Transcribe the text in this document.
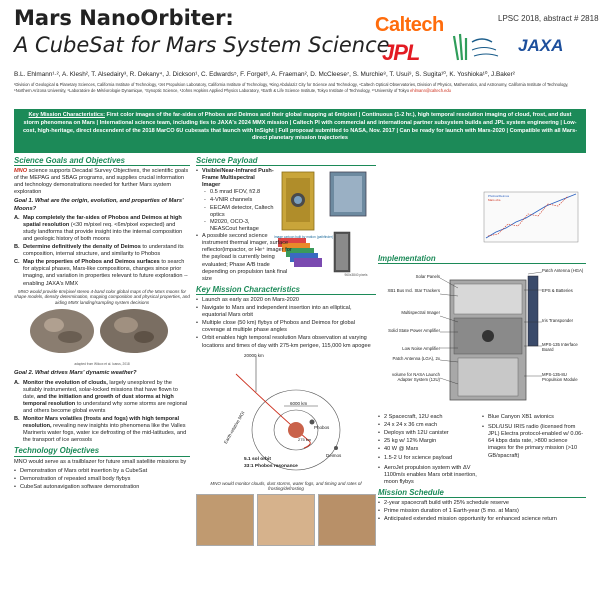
Mars NanoOrbiter:
A CubeSat for Mars System Science
LPSC 2018, abstract # 2818
Caltech
JPL	JAXA
B.L. Ehlmann¹·², A. Klesh², T. Alsedairy³, R. Dekany⁴, J. Dickson¹, C. Edwards⁵, F. Forget⁶, A. Fraeman², D. McCleese⁷, S. Murchie⁸, T. Usui⁹, S. Sugita¹⁰, K. Yoshioka¹⁰, J.Baker²
¹Division of Geological & Planetary Sciences, California Institute of Technology, ²Jet Propulsion Laboratory, California Institute of Technology, ³King Abdulaziz City for Science and Technology, ⁴Caltech Optical Observatories, Division of Physics, Mathematics, and Astronomy, California Institute of Technology, ⁵Northern Arizona University, ⁶Laboratoire de Météorologie Dynamique, ⁷Synoptic Science, ⁸Johns Hopkins Applied Physics Laboratory, ⁹Earth & Life Science Institute, Tokyo Institute of Technology, ¹⁰University of Tokyo ehlmann@caltech.edu
Key Mission Characteristics: First color images of the far-sides of Phobos and Deimos and their global mapping at 6m/pixel | Continuous (1-2 hr.), high temporal resolution imaging of cloud, frost, and dust storm phenomena on Mars | International science team, including ties to JAXA's 2024 MMX mission | Caltech PI with commercial and international partner subsystem builds and JPL system engineering | Low-cost, high-heritage, direct descendent of the 2018 MarCO 6U cubesats that launch with InSight | Full proposal submitted to NASA, Nov. 2017 | Can be ready for launch with Mars-2020 | Compatible with all Mars-direct planetary mission trajectories
Science Goals and Objectives

MNO science supports Decadal Survey Objectives, the scientific goals of the MEPAG and SBAG programs, and supplies crucial information and technology demonstrations needed for further Mars system exploration

Goal 1. What are the origin, evolution, and properties of Mars' Moons?
A. Map completely the far-sides of Phobos and Deimos at high spatial resolution (<30 m/pixel req. <6m/pixel expected) and study landforms that provide insight into the internal composition and geologic history of both moons
B. Determine definitively the density of Deimos to understand its composition, internal structure, and similarity to Phobos
C. Map the properties of Phobos and Deimos surfaces to search for atypical phases, Mars-like compositions, changes since prior imaging, and variation in properties relevant to future exploration -- enabling JAXA's MMX
MNO would provide 6m/pixel stereo 4-band color global maps of the Mars moons for shape models, density determination, mapping composition and physical properties, and aiding MMX landing/sampling system decisions
adapted from Wilcox et al. Icarus, 2018
Goal 2. What drives Mars' dynamic weather?
A. Monitor the evolution of clouds, largely unexplored by the suitably instrumented, solar-locked missions that have flown to date, and the initiation and growth of dust storms at high temporal resolution to understand why some storms are regional and others become global events
B. Monitor Mars volatiles (frosts and fogs) with high temporal resolution, revealing new insights into phenomena like the Valles Marineris water fogs, water ice defrosting of the mid-latitudes, and the transport of ice aerosols
Technology Objectives

MNO would serve as a trailblazer for future small satellite missions by

• Demonstration of Mars orbit insertion by a CubeSat
• Demonstration of repeated small body flybys
• CubeSat autonavigation software demonstration
Science Payload
• Visible/Near-Infrared Push-Frame Multispectral Imager
- 0.5 mrad IFOV, f/2.8
- 4-VNIR channels
- EECAM detector, Caltech optics
- M2020, OCO-3, NEASCout heritage
Image cartoon built by motion (pathfinder)
960x3840 pixels
• A possible second science instrument thermal imager, surface reflector(impactor, or He⁺ imager for the payload is currently being evaluated; Phase A/B trade depending on propulsion tank final size
Key Mission Characteristics
• Launch as early as 2020 on Mars-2020
• Navigate to Mars and independent insertion into an elliptical, equatorial Mars orbit
• Multiple close (50 km) flybys of Phobos and Deimos for global coverage at multiple phase angles
• Orbit enables high temporal resolution Mars observation at varying locations and times of day with 275-km perigee, 115,000 km apogee
20000 km
6000 km
Phobos
Deimos
Earth-relative MOI
5.1 sol orbit
33:1 Phobos resonance
275 km
MNO would monitor clouds, dust storms, water fogs, and timing and rates of frosting/defrosting
Phobos/Deimos
Mars obs.
Implementation
Solar Panels
XB1 Bus Incl. Star Trackers
Multispectral Imager
Solid State Power Amplifier
Low Noise Amplifier
Patch Antenna (LGA), 2x
volume for NASA Launch Adapter System (12U)
Patch Antenna (HGA)
EPS & Batteries
Iris Transponder
MPS-135 Interface Board
MPS-135-8U Propulsion Module
• 2 Spacecraft, 12U each
• 24 x 24 x 36 cm each
• Deploys with 12U canister
• 25 kg w/ 12% Margin
• 40 W @ Mars
• 1.5-2 U for science payload
• AeroJet propulsion system with ΔV 1100m/s enables Mars orbit insertion, moon flybys
• Blue Canyon XB1 avionics
• SDL/USU IRIS radio (licensed from JPL) Electra protocol-enabled w/ 0.06-64 kbps data rate, >800 science images for the primary mission (>10 GB/spacraft)
Mission Schedule
• 2-year spacecraft build with 25% schedule reserve
• Prime mission duration of 1 Earth-year (5 mo. at Mars)
• Anticipated extended mission opportunity for enhanced science return
